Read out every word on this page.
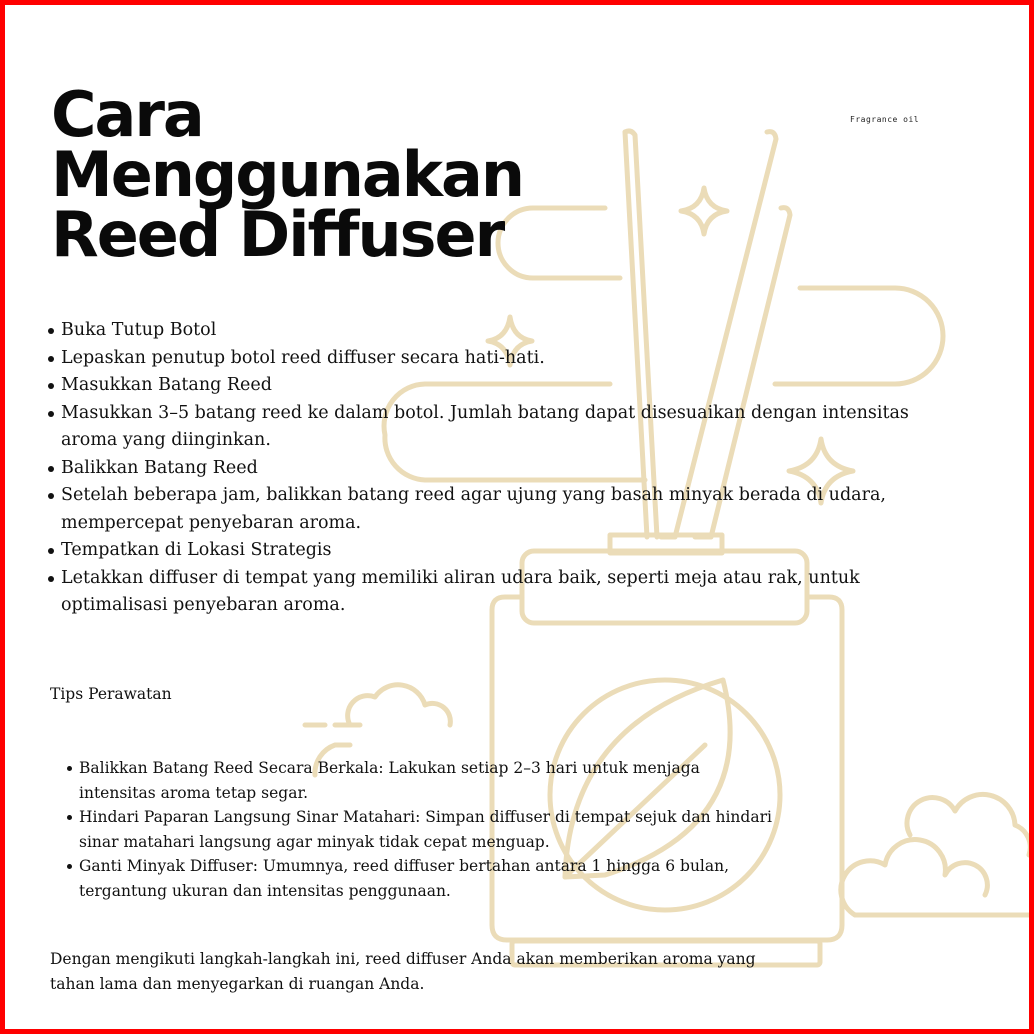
Cara
Menggunakan
Reed Diffuser
Fragrance oil
Buka Tutup Botol
Lepaskan penutup botol reed diffuser secara hati-hati.
Masukkan Batang Reed
Masukkan 3–5 batang reed ke dalam botol. Jumlah batang dapat disesuaikan dengan intensitas aroma yang diinginkan.
Balikkan Batang Reed
Setelah beberapa jam, balikkan batang reed agar ujung yang basah minyak berada di udara, mempercepat penyebaran aroma.
Tempatkan di Lokasi Strategis
Letakkan diffuser di tempat yang memiliki aliran udara baik, seperti meja atau rak, untuk optimalisasi penyebaran aroma.
Tips Perawatan
Balikkan Batang Reed Secara Berkala: Lakukan setiap 2–3 hari untuk menjaga intensitas aroma tetap segar.
Hindari Paparan Langsung Sinar Matahari: Simpan diffuser di tempat sejuk dan hindari sinar matahari langsung agar minyak tidak cepat menguap.
Ganti Minyak Diffuser: Umumnya, reed diffuser bertahan antara 1 hingga 6 bulan, tergantung ukuran dan intensitas penggunaan.

Dengan mengikuti langkah-langkah ini, reed diffuser Anda akan memberikan aroma yang tahan lama dan menyegarkan di ruangan Anda.
